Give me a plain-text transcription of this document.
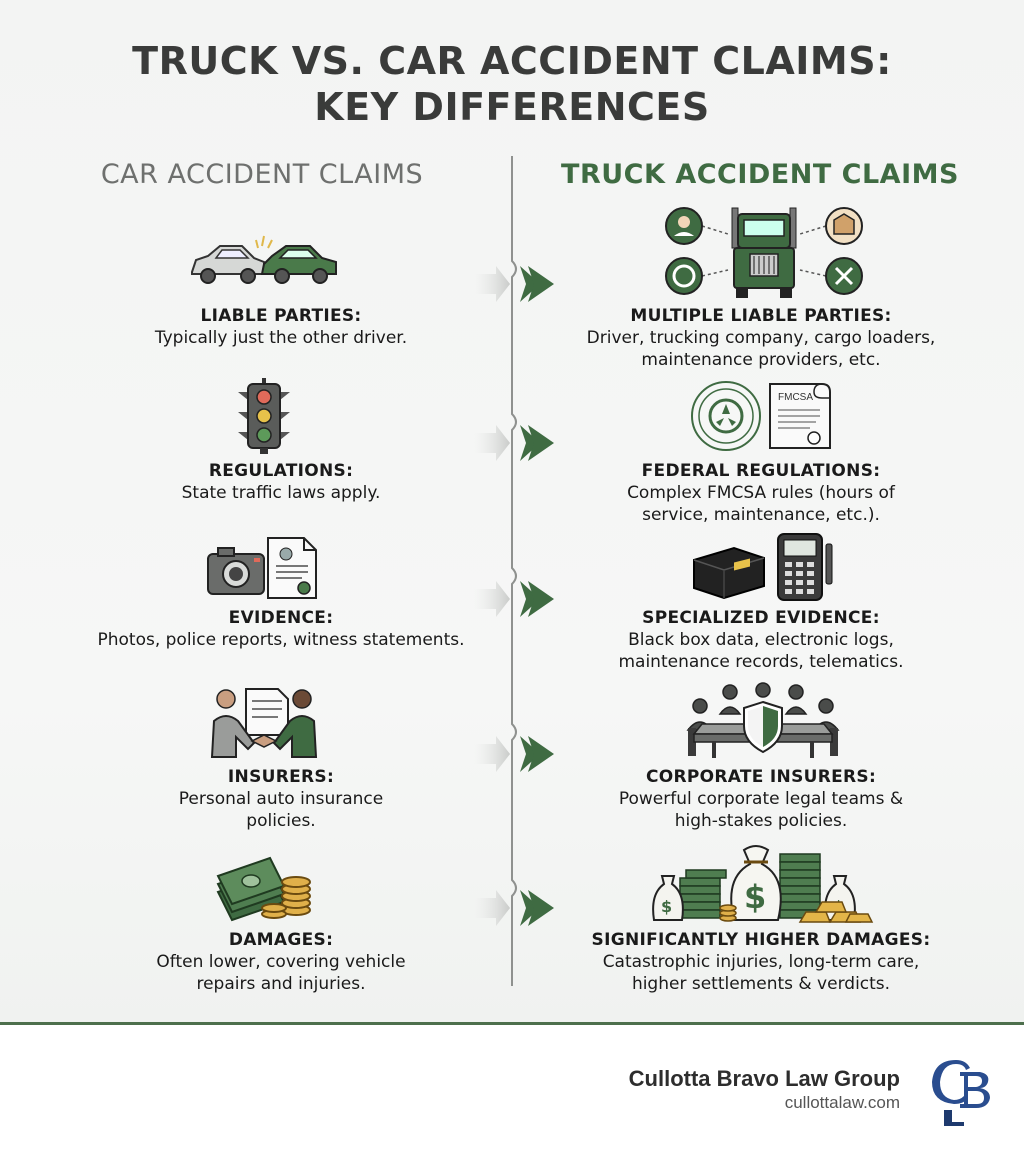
TRUCK VS. CAR ACCIDENT CLAIMS:
KEY DIFFERENCES
CAR ACCIDENT CLAIMS	TRUCK ACCIDENT CLAIMS
LIABLE PARTIES:
Typically just the other driver.
REGULATIONS:
State traffic laws apply.
EVIDENCE:
Photos, police reports, witness statements.
INSURERS:
Personal auto insurance policies.
DAMAGES:
Often lower, covering vehicle repairs and injuries.
MULTIPLE LIABLE PARTIES:
Driver, trucking company, cargo loaders, maintenance providers, etc.
FMCSA
FEDERAL REGULATIONS:
Complex FMCSA rules (hours of service, maintenance, etc.).
SPECIALIZED EVIDENCE:
Black box data, electronic logs, maintenance records, telematics.
CORPORATE INSURERS:
Powerful corporate legal teams & high-stakes policies.
$ $
SIGNIFICANTLY HIGHER DAMAGES:
Catastrophic injuries, long-term care, higher settlements & verdicts.
Cullotta Bravo Law Group
cullottalaw.com
